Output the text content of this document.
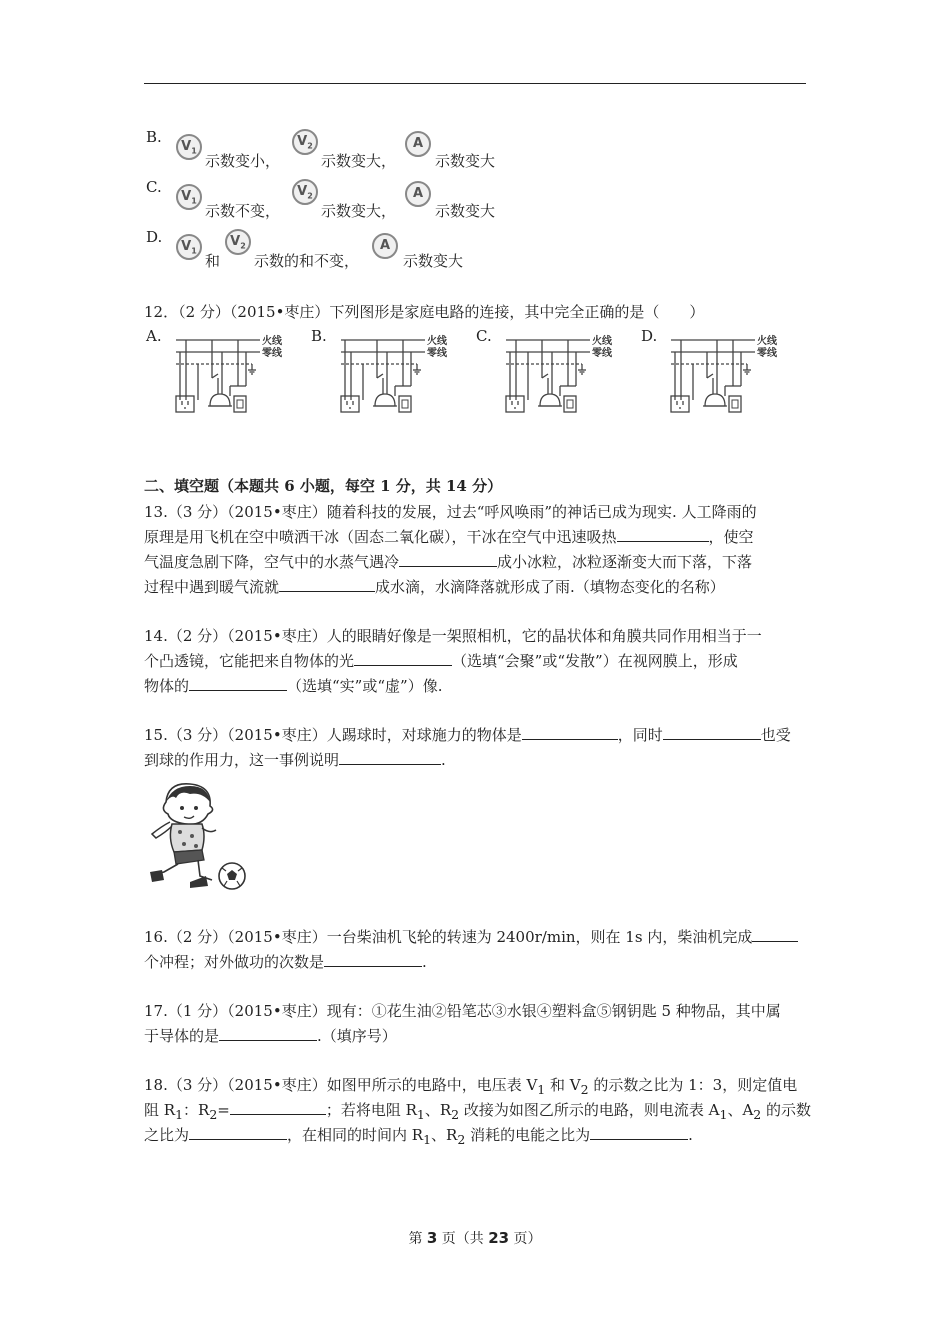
B.
$V_1$
示数变小，
$V_2$
示数变大，
A
示数变大
C.
$V_1$
示数不变，
$V_2$
示数变大，
A
示数变大
D.
$V_1$
和
$V_2$
示数的和不变，
A
示数变大
12．（2 分）（2015•枣庄）下列图形是家庭电路的连接，其中完全正确的是（　　）
A.	B.	C.	D.
火线
零线
火线
零线
火线
零线
火线
零线
二、填空题（本题共 6 小题，每空 1 分，共 14 分）
13.（3 分）（2015•枣庄）随着科技的发展，过去“呼风唤雨”的神话已成为现实. 人工降雨的
原理是用飞机在空中喷洒干冰（固态二氧化碳），干冰在空气中迅速吸热	，使空
气温度急剧下降，空气中的水蒸气遇冷	成小冰粒，冰粒逐渐变大而下落，下落
过程中遇到暖气流就	成水滴，水滴降落就形成了雨.（填物态变化的名称）
14.（2 分）（2015•枣庄）人的眼睛好像是一架照相机，它的晶状体和角膜共同作用相当于一
个凸透镜，它能把来自物体的光	（选填“会聚”或“发散”）在视网膜上，形成
物体的	（选填“实”或“虚”）像.
15.（3 分）（2015•枣庄）人踢球时，对球施力的物体是	，同时	也受
到球的作用力，这一事例说明	.
16.（2 分）（2015•枣庄）一台柴油机飞轮的转速为 2400r/min，则在 1s 内，柴油机完成
个冲程；对外做功的次数是	.
17.（1 分）（2015•枣庄）现有：①花生油②铅笔芯③水银④塑料盒⑤钢钥匙 5 种物品，其中属
于导体的是	.（填序号）
18.（3 分）（2015•枣庄）如图甲所示的电路中，电压表 $V_1$ 和 $V_2$ 的示数之比为 1：3，则定值电
阻 $R_1$：$R_2=$	；若将电阻 $R_1$、$R_2$ 改接为如图乙所示的电路，则电流表 $A_1$、$A_2$ 的示数
之比为	，在相同的时间内 $R_1$、$R_2$ 消耗的电能之比为	.
第 3 页（共 23 页）
